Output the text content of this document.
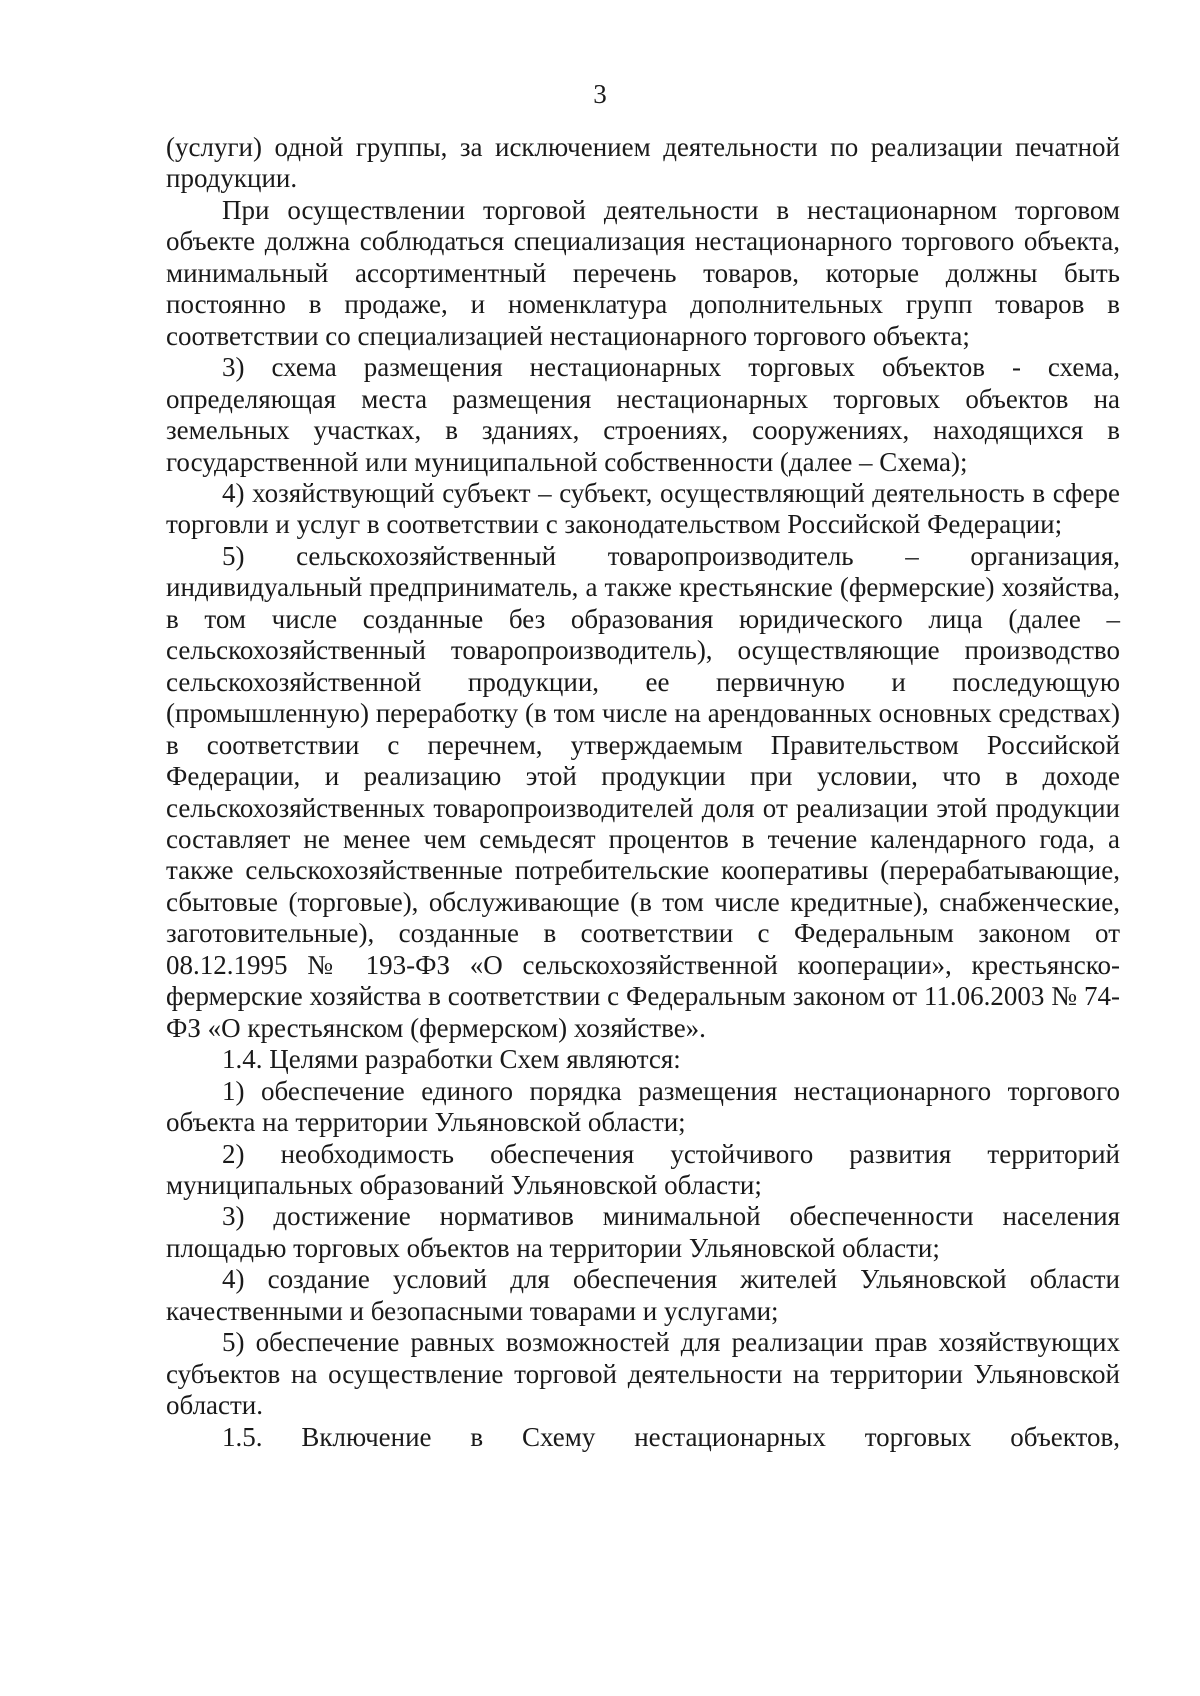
3

(услуги) одной группы, за исключением деятельности по реализации печатной продукции.

При осуществлении торговой деятельности в нестационарном торговом объекте должна соблюдаться специализация нестационарного торгового объекта, минимальный ассортиментный перечень товаров, которые должны быть постоянно в продаже, и номенклатура дополнительных групп товаров в соответствии со специализацией нестационарного торгового объекта;

3) схема размещения нестационарных торговых объектов - схема, определяющая места размещения нестационарных торговых объектов на земельных участках, в зданиях, строениях, сооружениях, находящихся в государственной или муниципальной собственности (далее – Схема);

4) хозяйствующий субъект – субъект, осуществляющий деятельность в сфере торговли и услуг в соответствии с законодательством Российской Федерации;

5) сельскохозяйственный товаропроизводитель – организация, индивидуальный предприниматель, а также крестьянские (фермерские) хозяйства, в том числе созданные без образования юридического лица (далее – сельскохозяйственный товаропроизводитель), осуществляющие производство сельскохозяйственной продукции, ее первичную и последующую (промышленную) переработку (в том числе на арендованных основных средствах) в соответствии с перечнем, утверждаемым Правительством Российской Федерации, и реализацию этой продукции при условии, что в доходе сельскохозяйственных товаропроизводителей доля от реализации этой продукции составляет не менее чем семьдесят процентов в течение календарного года, а также сельскохозяйственные потребительские кооперативы (перерабатывающие, сбытовые (торговые), обслуживающие (в том числе кредитные), снабженческие, заготовительные), созданные в соответствии с Федеральным законом от 08.12.1995 № 193-ФЗ «О сельскохозяйственной кооперации», крестьянско-фермерские хозяйства в соответствии с Федеральным законом от 11.06.2003 № 74-ФЗ «О крестьянском (фермерском) хозяйстве».

1.4. Целями разработки Схем являются:

1) обеспечение единого порядка размещения нестационарного торгового объекта на территории Ульяновской области;

2) необходимость обеспечения устойчивого развития территорий муниципальных образований Ульяновской области;

3) достижение нормативов минимальной обеспеченности населения площадью торговых объектов на территории Ульяновской области;

4) создание условий для обеспечения жителей Ульяновской области качественными и безопасными товарами и услугами;

5) обеспечение равных возможностей для реализации прав хозяйствующих субъектов на осуществление торговой деятельности на территории Ульяновской области.

1.5. Включение в Схему нестационарных торговых объектов,
